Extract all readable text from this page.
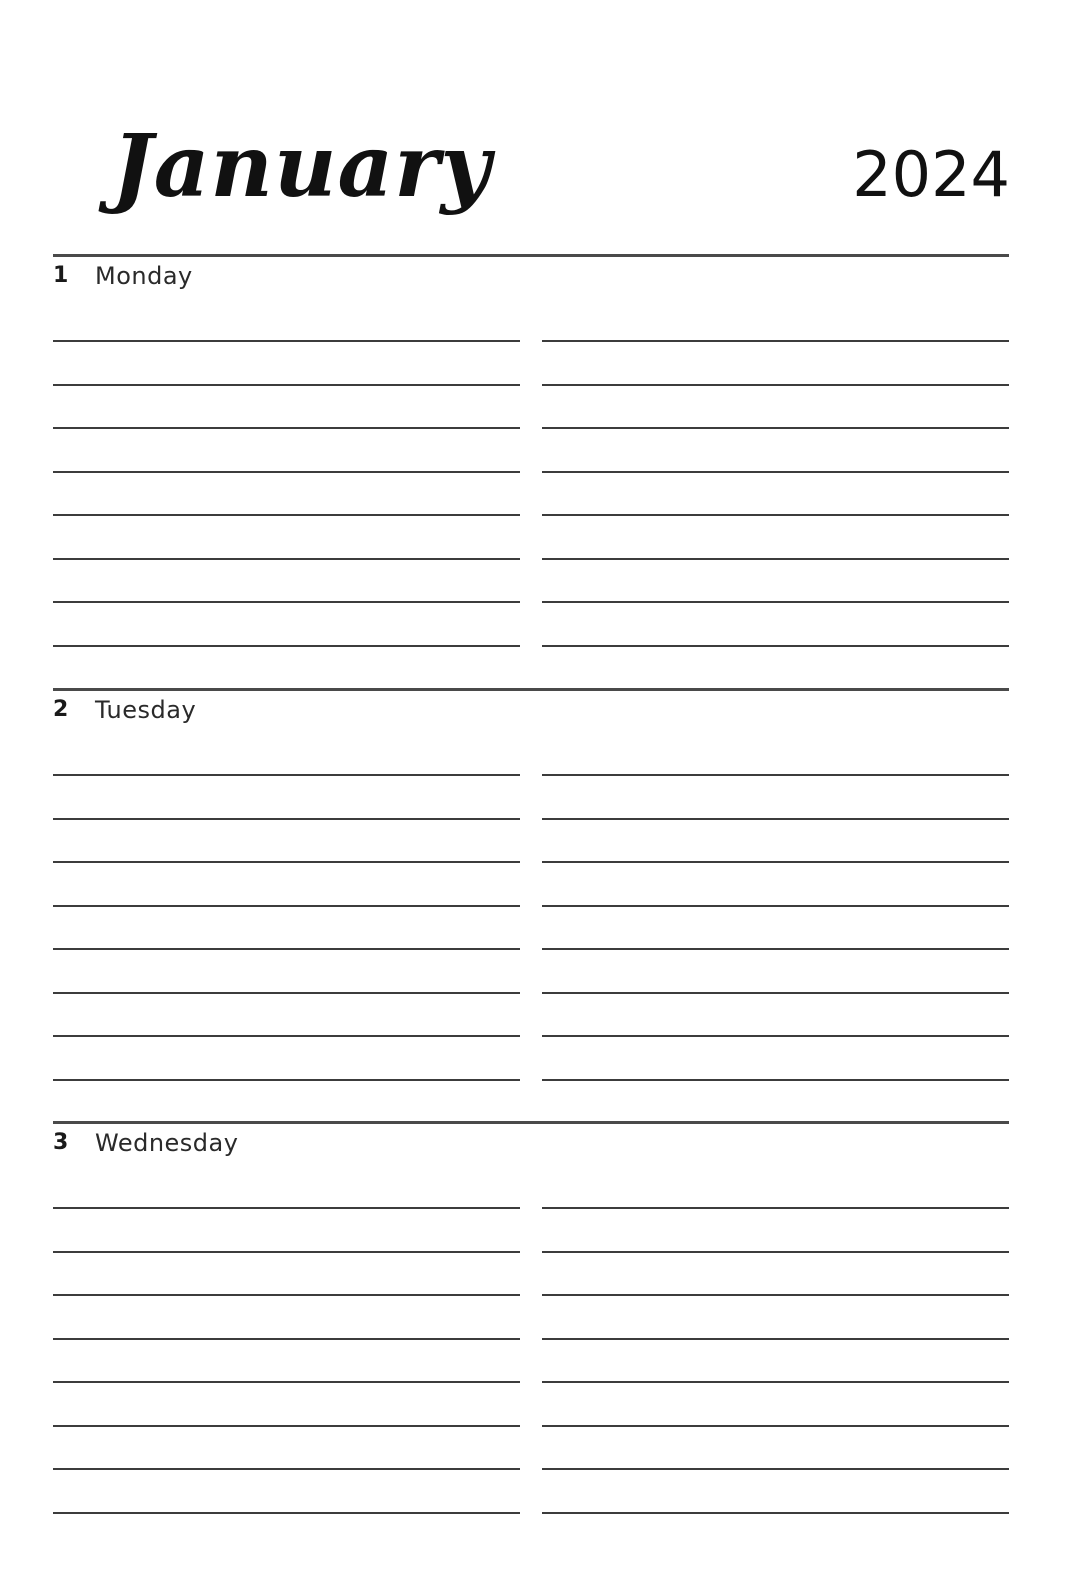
January	2024
1 Monday
2 Tuesday
3 Wednesday
